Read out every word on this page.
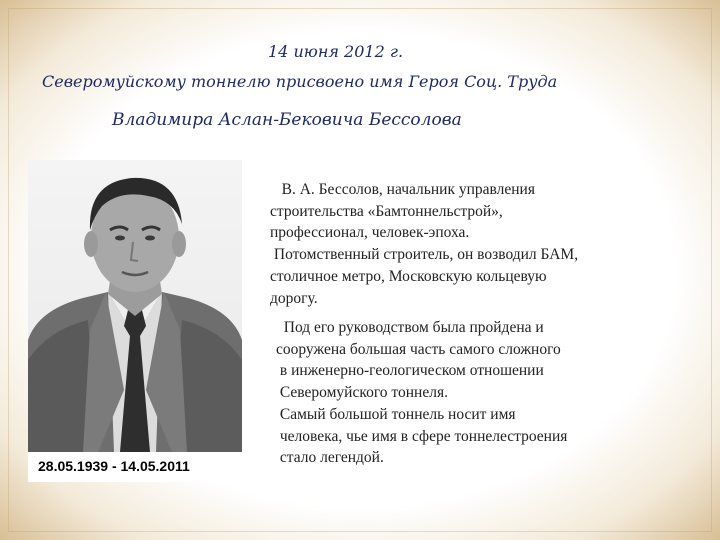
14 июня 2012 г.
Северомуйскому тоннелю присвоено имя Героя Соц. Труда
Владимира Аслан-Бековича Бессолова
28.05.1939 - 14.05.2011
В. А. Бессолов, начальник управления
строительства «Бамтоннельстрой»,
профессионал, человек-эпоха.
Потомственный строитель, он возводил БАМ,
столичное метро, Московскую кольцевую
дорогу.
Под его руководством была пройдена и
сооружена большая часть самого сложного
в инженерно-геологическом отношении
Северомуйского тоннеля.
Самый большой тоннель носит имя
человека, чье имя в сфере тоннелестроения
стало легендой.
